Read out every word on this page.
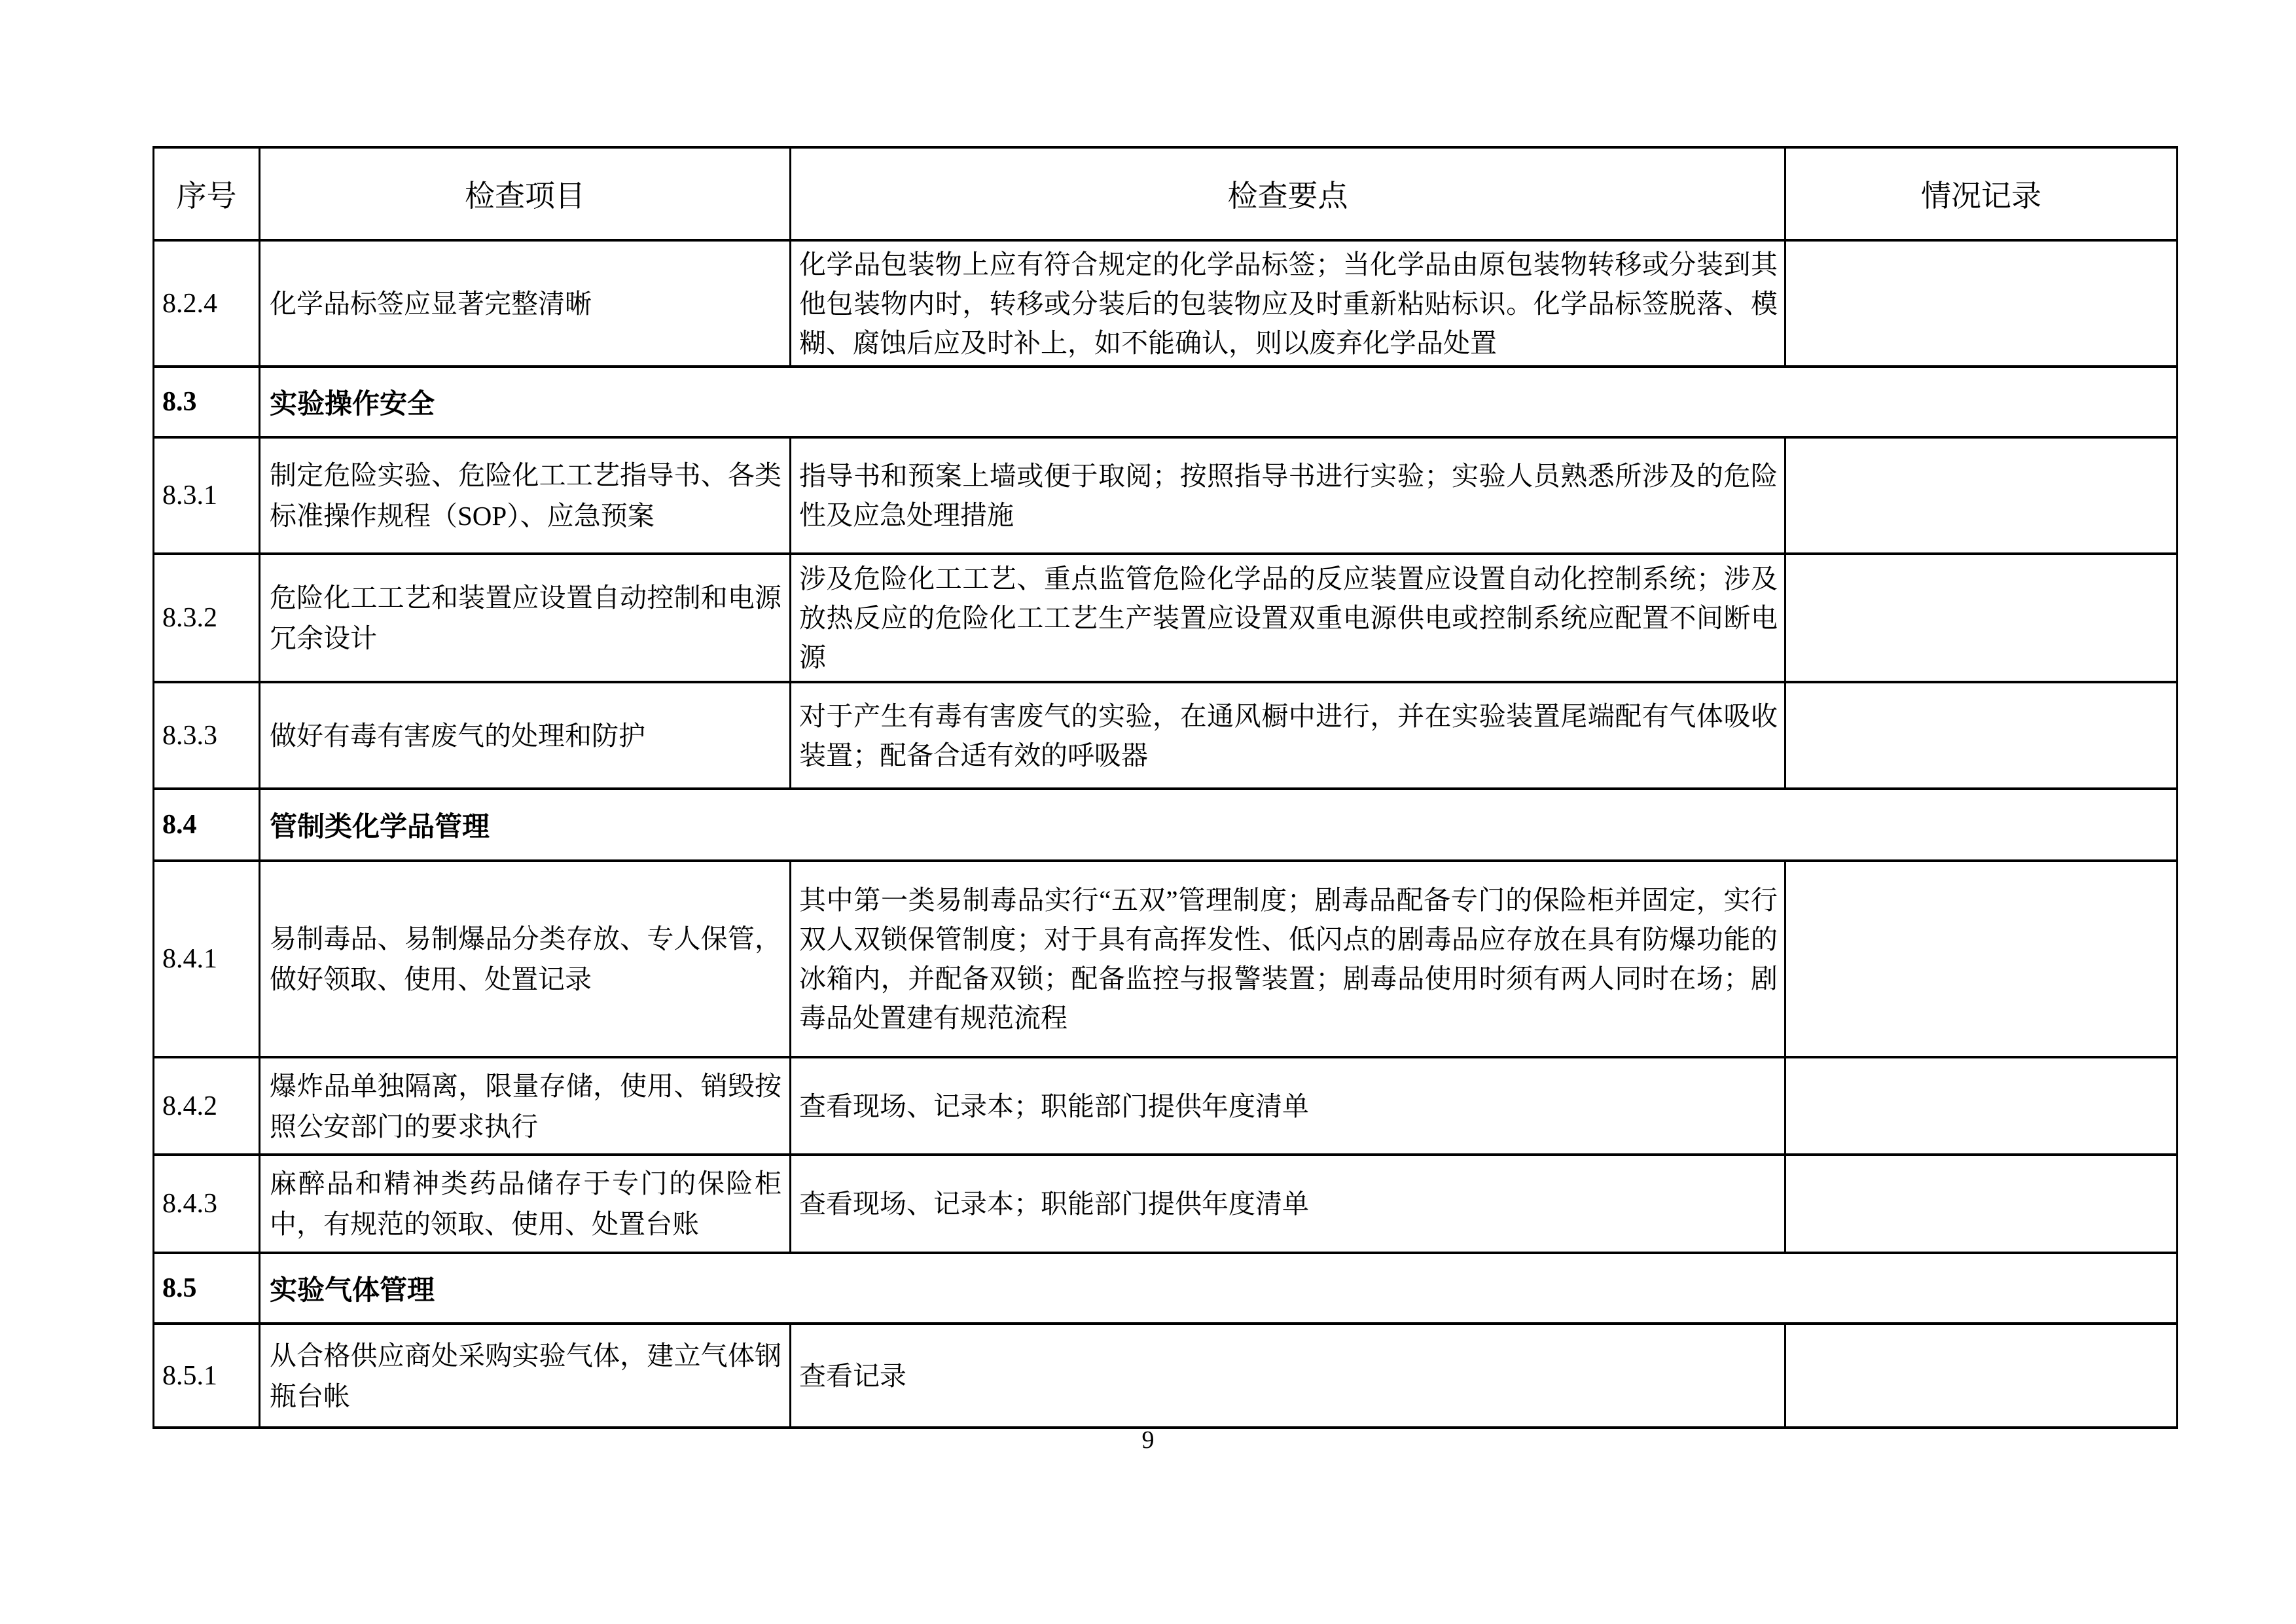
序号	检查项目	检查要点	情况记录
8.2.4	化学品标签应显著完整清晰	化学品包装物上应有符合规定的化学品标签；当化学品由原包装物转移或分装到其他包装物内时，转移或分装后的包装物应及时重新粘贴标识。化学品标签脱落、模糊、腐蚀后应及时补上，如不能确认，则以废弃化学品处置	
8.3	实验操作安全		
8.3.1	制定危险实验、危险化工工艺指导书、各类标准操作规程（SOP）、应急预案	指导书和预案上墙或便于取阅；按照指导书进行实验；实验人员熟悉所涉及的危险性及应急处理措施	
8.3.2	危险化工工艺和装置应设置自动控制和电源冗余设计	涉及危险化工工艺、重点监管危险化学品的反应装置应设置自动化控制系统；涉及放热反应的危险化工工艺生产装置应设置双重电源供电或控制系统应配置不间断电源	
8.3.3	做好有毒有害废气的处理和防护	对于产生有毒有害废气的实验，在通风橱中进行，并在实验装置尾端配有气体吸收装置；配备合适有效的呼吸器	
8.4	管制类化学品管理		
8.4.1	易制毒品、易制爆品分类存放、专人保管，做好领取、使用、处置记录	其中第一类易制毒品实行“五双”管理制度；剧毒品配备专门的保险柜并固定，实行双人双锁保管制度；对于具有高挥发性、低闪点的剧毒品应存放在具有防爆功能的冰箱内，并配备双锁；配备监控与报警装置；剧毒品使用时须有两人同时在场；剧毒品处置建有规范流程	
8.4.2	爆炸品单独隔离，限量存储，使用、销毁按照公安部门的要求执行	查看现场、记录本；职能部门提供年度清单	
8.4.3	麻醉品和精神类药品储存于专门的保险柜中，有规范的领取、使用、处置台账	查看现场、记录本；职能部门提供年度清单	
8.5	实验气体管理		
8.5.1	从合格供应商处采购实验气体，建立气体钢瓶台帐	查看记录	
9
